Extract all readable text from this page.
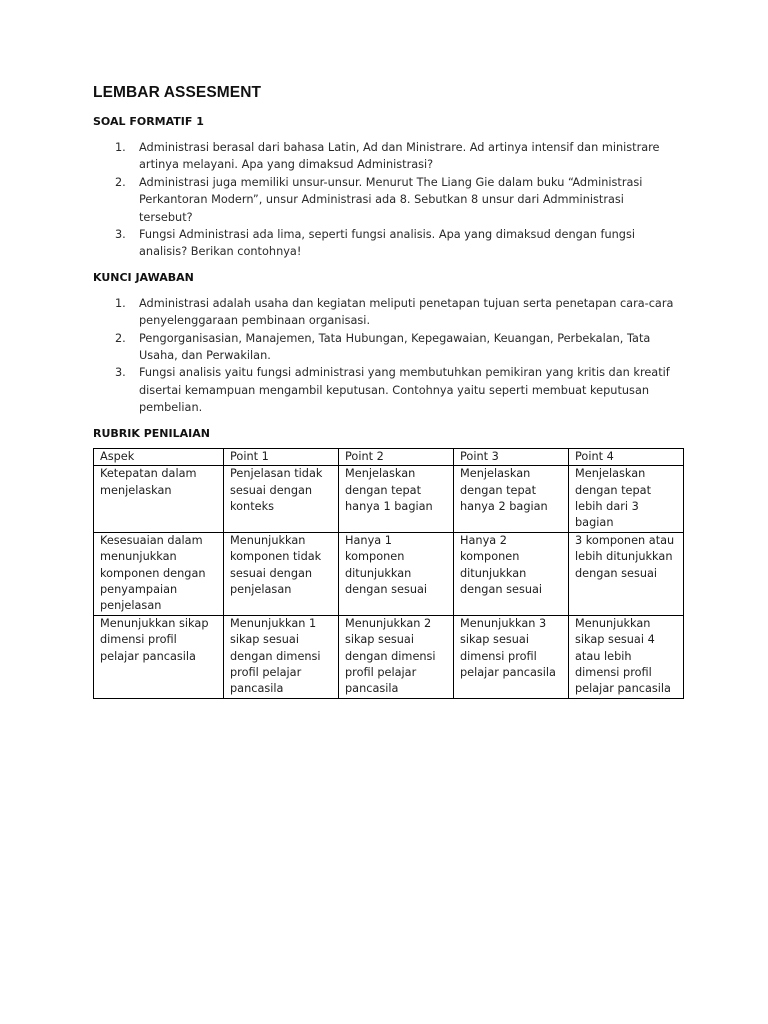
LEMBAR ASSESMENT
SOAL FORMATIF 1
1. Administrasi berasal dari bahasa Latin, Ad dan Ministrare. Ad artinya intensif dan ministrare artinya melayani. Apa yang dimaksud Administrasi?
2. Administrasi juga memiliki unsur-unsur. Menurut The Liang Gie dalam buku “Administrasi Perkantoran Modern”, unsur Administrasi ada 8. Sebutkan 8 unsur dari Admministrasi tersebut?
3. Fungsi Administrasi ada lima, seperti fungsi analisis. Apa yang dimaksud dengan fungsi analisis? Berikan contohnya!
KUNCI JAWABAN
1. Administrasi adalah usaha dan kegiatan meliputi penetapan tujuan serta penetapan cara-cara penyelenggaraan pembinaan organisasi.
2. Pengorganisasian, Manajemen, Tata Hubungan, Kepegawaian, Keuangan, Perbekalan, Tata Usaha, dan Perwakilan.
3. Fungsi analisis yaitu fungsi administrasi yang membutuhkan pemikiran yang kritis dan kreatif disertai kemampuan mengambil keputusan. Contohnya yaitu seperti membuat keputusan pembelian.
RUBRIK PENILAIAN
Aspek	Point 1	Point 2	Point 3	Point 4
Ketepatan dalam menjelaskan	Penjelasan tidak sesuai dengan konteks	Menjelaskan dengan tepat hanya 1 bagian	Menjelaskan dengan tepat hanya 2 bagian	Menjelaskan dengan tepat lebih dari 3 bagian
Kesesuaian dalam menunjukkan komponen dengan penyampaian penjelasan	Menunjukkan komponen tidak sesuai dengan penjelasan	Hanya 1 komponen ditunjukkan dengan sesuai	Hanya 2 komponen ditunjukkan dengan sesuai	3 komponen atau lebih ditunjukkan dengan sesuai
Menunjukkan sikap dimensi profil pelajar pancasila	Menunjukkan 1 sikap sesuai dengan dimensi profil pelajar pancasila	Menunjukkan 2 sikap sesuai dengan dimensi profil pelajar pancasila	Menunjukkan 3 sikap sesuai dimensi profil pelajar pancasila	Menunjukkan sikap sesuai 4 atau lebih dimensi profil pelajar pancasila
